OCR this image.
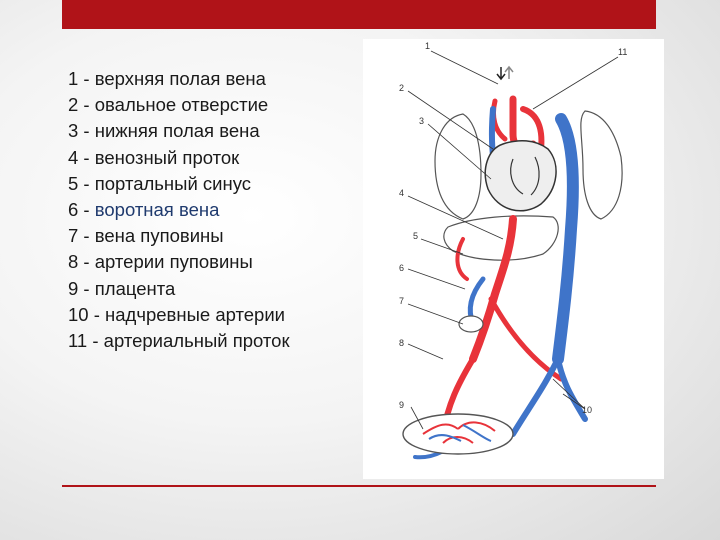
1 - верхняя полая вена
2 - овальное отверстие
3 - нижняя полая вена
4 - венозный проток
5 - портальный синус
6 - воротная вена
7 - вена пуповины
8 - артерии пуповины
9 - плацента
10 - надчревные артерии
11 - артериальный проток
1
11
2
3
4
5
6
7
8
9	10
